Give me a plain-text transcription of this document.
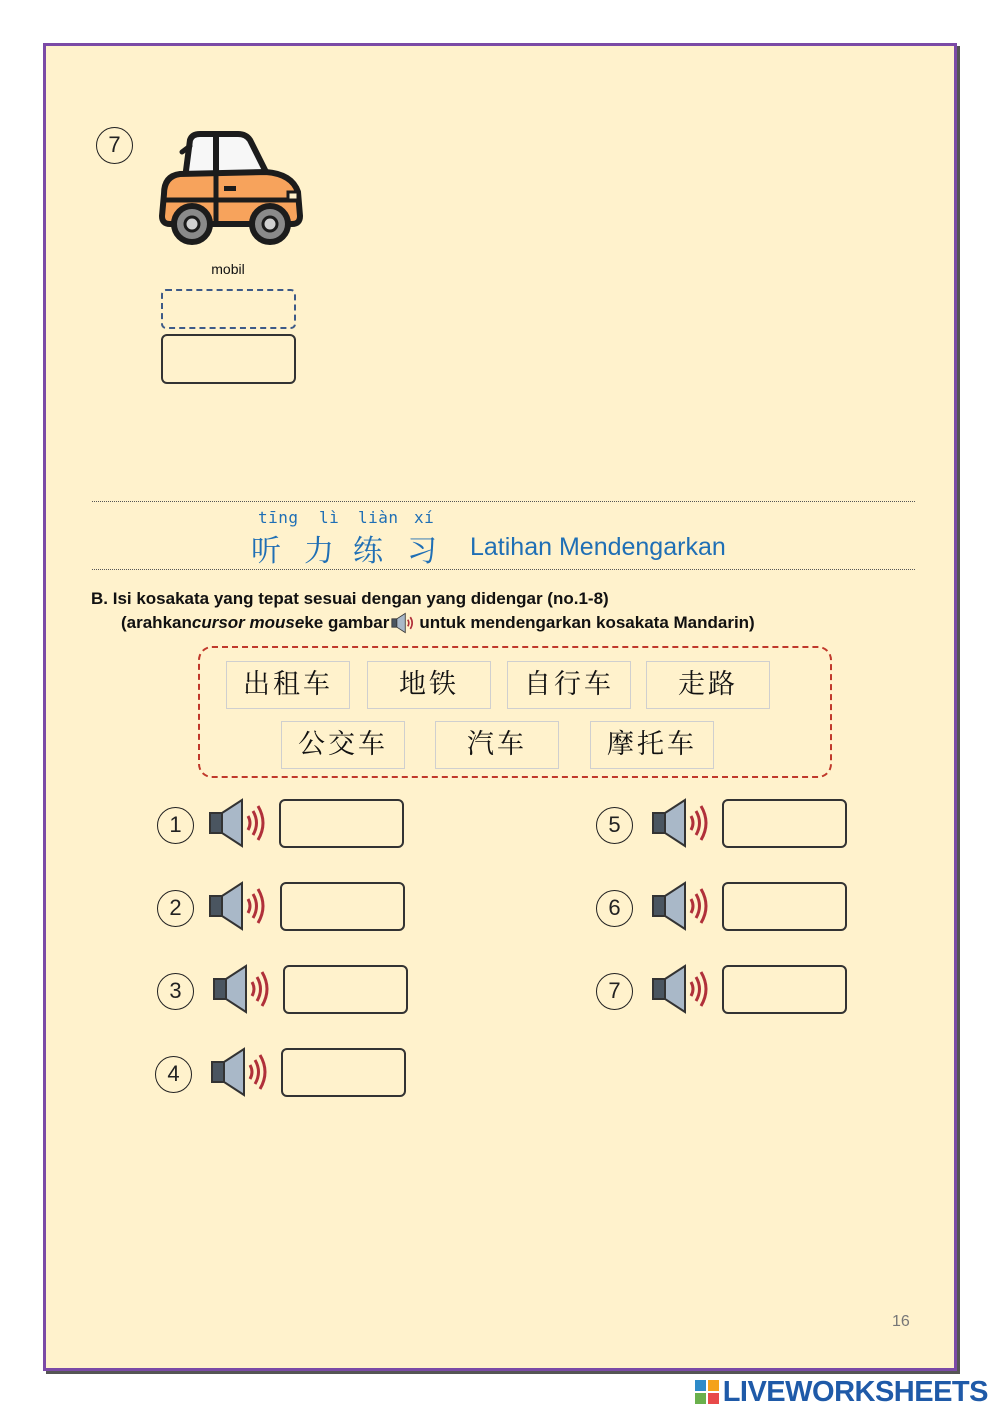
7
mobil
tīng lì liàn xí
听 力 练 习 Latihan Mendengarkan
B. Isi kosakata yang tepat sesuai dengan yang didengar (no.1-8)
(arahkan cursor mouse ke gambar untuk mendengarkan kosakata Mandarin)
出租车	地铁	自行车	走路
公交车	汽车	摩托车
1
2
3
4
5
6
7
16
LIVEWORKSHEETS
